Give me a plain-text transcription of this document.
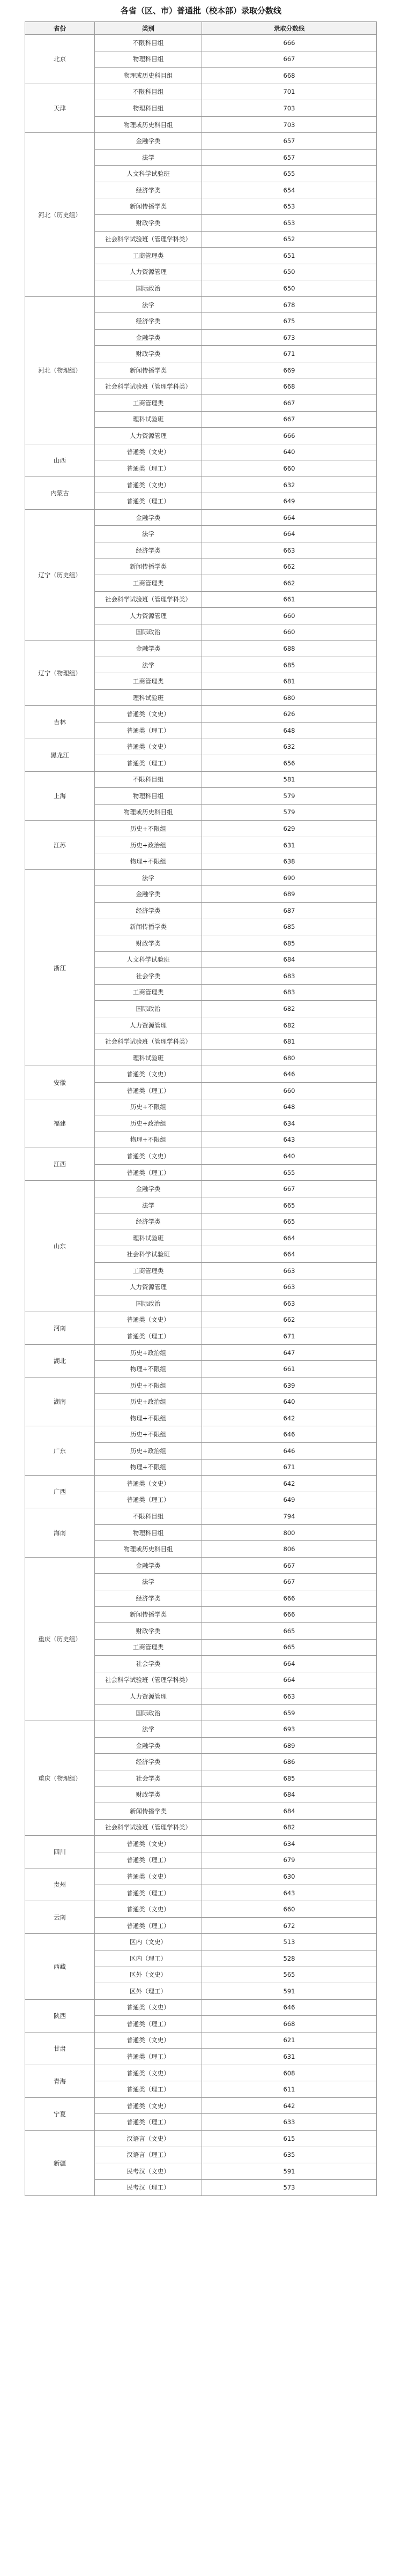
各省（区、市）普通批（校本部）录取分数线
省份	类别	录取分数线
北京	不限科目组	666
	物理科目组	667
	物理或历史科目组	668
天津	不限科目组	701
	物理科目组	703
	物理或历史科目组	703
河北（历史组）	金融学类	657
	法学	657
	人文科学试验班	655
	经济学类	654
	新闻传播学类	653
	财政学类	653
	社会科学试验班（管理学科类）	652
	工商管理类	651
	人力资源管理	650
	国际政治	650
河北（物理组）	法学	678
	经济学类	675
	金融学类	673
	财政学类	671
	新闻传播学类	669
	社会科学试验班（管理学科类）	668
	工商管理类	667
	理科试验班	667
	人力资源管理	666
山西	普通类（文史）	640
	普通类（理工）	660
内蒙古	普通类（文史）	632
	普通类（理工）	649
辽宁（历史组）	金融学类	664
	法学	664
	经济学类	663
	新闻传播学类	662
	工商管理类	662
	社会科学试验班（管理学科类）	661
	人力资源管理	660
	国际政治	660
辽宁（物理组）	金融学类	688
	法学	685
	工商管理类	681
	理科试验班	680
吉林	普通类（文史）	626
	普通类（理工）	648
黑龙江	普通类（文史）	632
	普通类（理工）	656
上海	不限科目组	581
	物理科目组	579
	物理或历史科目组	579
江苏	历史+不限组	629
	历史+政治组	631
	物理+不限组	638
浙江	法学	690
	金融学类	689
	经济学类	687
	新闻传播学类	685
	财政学类	685
	人文科学试验班	684
	社会学类	683
	工商管理类	683
	国际政治	682
	人力资源管理	682
	社会科学试验班（管理学科类）	681
	理科试验班	680
安徽	普通类（文史）	646
	普通类（理工）	660
福建	历史+不限组	648
	历史+政治组	634
	物理+不限组	643
江西	普通类（文史）	640
	普通类（理工）	655
山东	金融学类	667
	法学	665
	经济学类	665
	理科试验班	664
	社会科学试验班	664
	工商管理类	663
	人力资源管理	663
	国际政治	663
河南	普通类（文史）	662
	普通类（理工）	671
湖北	历史+政治组	647
	物理+不限组	661
湖南	历史+不限组	639
	历史+政治组	640
	物理+不限组	642
广东	历史+不限组	646
	历史+政治组	646
	物理+不限组	671
广西	普通类（文史）	642
	普通类（理工）	649
海南	不限科目组	794
	物理科目组	800
	物理或历史科目组	806
重庆（历史组）	金融学类	667
	法学	667
	经济学类	666
	新闻传播学类	666
	财政学类	665
	工商管理类	665
	社会学类	664
	社会科学试验班（管理学科类）	664
	人力资源管理	663
	国际政治	659
重庆（物理组）	法学	693
	金融学类	689
	经济学类	686
	社会学类	685
	财政学类	684
	新闻传播学类	684
	社会科学试验班（管理学科类）	682
四川	普通类（文史）	634
	普通类（理工）	679
贵州	普通类（文史）	630
	普通类（理工）	643
云南	普通类（文史）	660
	普通类（理工）	672
西藏	区内（文史）	513
	区内（理工）	528
	区外（文史）	565
	区外（理工）	591
陕西	普通类（文史）	646
	普通类（理工）	668
甘肃	普通类（文史）	621
	普通类（理工）	631
青海	普通类（文史）	608
	普通类（理工）	611
宁夏	普通类（文史）	642
	普通类（理工）	633
新疆	汉语言（文史）	615
	汉语言（理工）	635
	民考汉（文史）	591
	民考汉（理工）	573
